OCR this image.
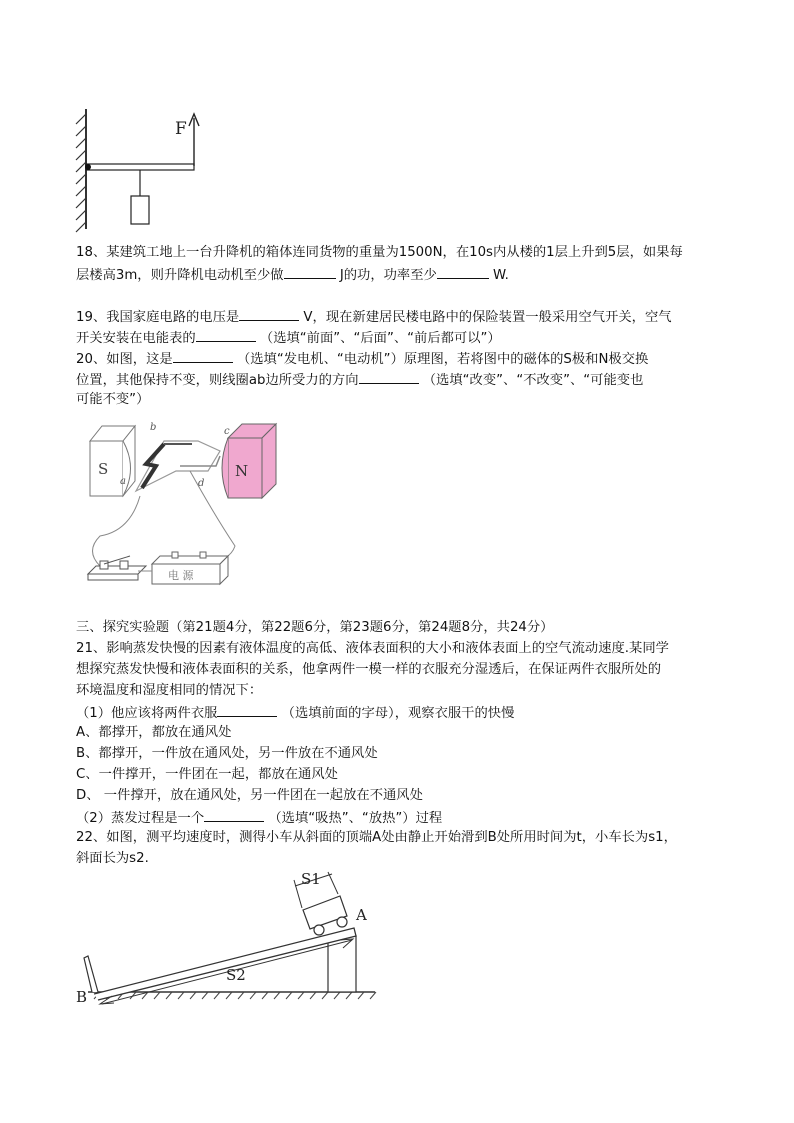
F
18、某建筑工地上一台升降机的箱体连同货物的重量为1500N，在10s内从楼的1层上升到5层，如果每
层楼高3m，则升降机电动机至少做	J的功，功率至少	W.
19、我国家庭电路的电压是	V，现在新建居民楼电路中的保险装置一般采用空气开关，空气
开关安装在电能表的	（选填“前面”、“后面”、“前后都可以”）
20、如图，这是	（选填“发电机、“电动机”）原理图，若将图中的磁体的S极和N极交换
位置，其他保持不变，则线圈ab边所受力的方向	（选填“改变”、“不改变”、“可能变也
可能不变”）
S	N
a
b	c
d
电 源
三、探究实验题（第21题4分，第22题6分，第23题6分，第24题8分，共24分）
21、影响蒸发快慢的因素有液体温度的高低、液体表面积的大小和液体表面上的空气流动速度.某同学
想探究蒸发快慢和液体表面积的关系，他拿两件一模一样的衣服充分湿透后，在保证两件衣服所处的
环境温度和湿度相同的情况下：
（1）他应该将两件衣服	（选填前面的字母），观察衣服干的快慢
A、都撑开，都放在通风处
B、都撑开，一件放在通风处，另一件放在不通风处
C、一件撑开，一件团在一起，都放在通风处
D、 一件撑开，放在通风处，另一件团在一起放在不通风处
（2）蒸发过程是一个	（选填“吸热”、“放热”）过程
22、如图，测平均速度时，测得小车从斜面的顶端A处由静止开始滑到B处所用时间为t，小车长为s1，
斜面长为s2.
S1
A
S2
B
